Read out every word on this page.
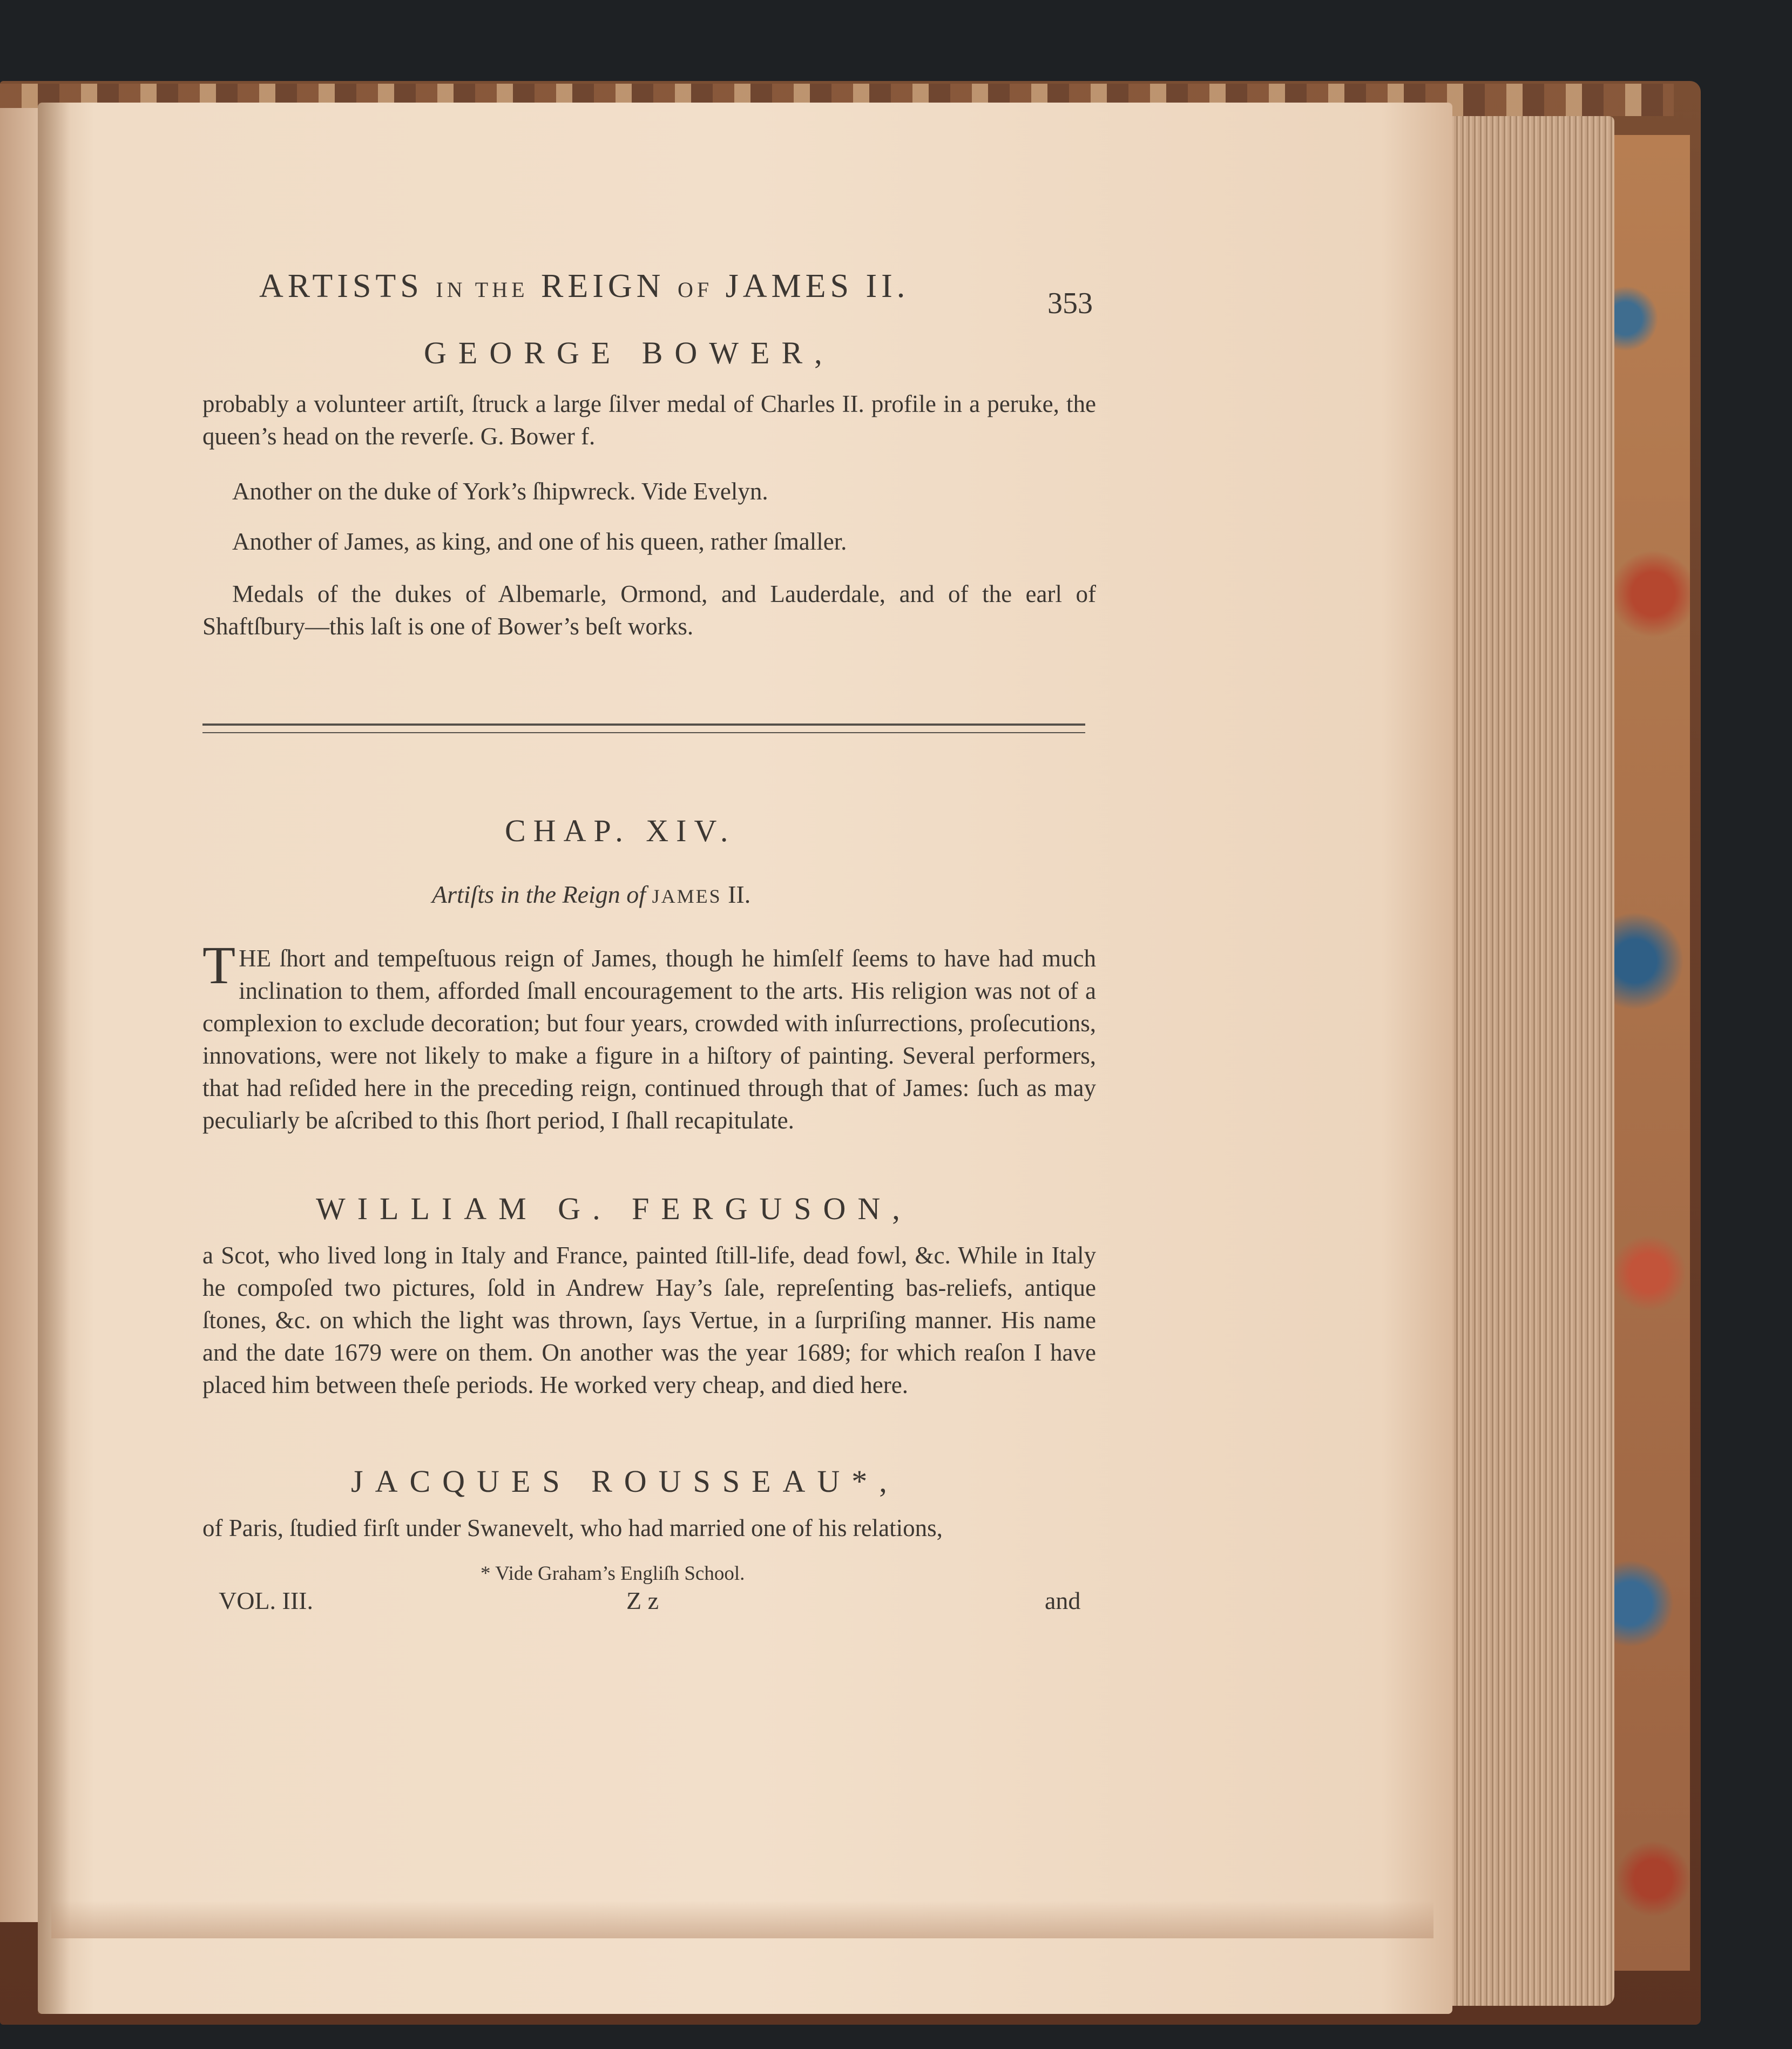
ARTISTS IN THE REIGN OF JAMES II.	353
GEORGE BOWER,
probably a volunteer artiſt, ſtruck a large ſilver medal of Charles II. profile in a peruke, the queen’s head on the reverſe. G. Bower f.
Another on the duke of York’s ſhipwreck. Vide Evelyn.
Another of James, as king, and one of his queen, rather ſmaller.
Medals of the dukes of Albemarle, Ormond, and Lauderdale, and of the earl of Shaftſbury—this laſt is one of Bower’s beſt works.
CHAP. XIV.
Artiſts in the Reign of JAMES II.
THE ſhort and tempeſtuous reign of James, though he himſelf ſeems to have had much inclination to them, afforded ſmall encouragement to the arts. His religion was not of a complexion to exclude decoration; but four years, crowded with inſurrections, proſecutions, innovations, were not likely to make a figure in a hiſtory of painting. Several performers, that had reſided here in the preceding reign, continued through that of James: ſuch as may peculiarly be aſcribed to this ſhort period, I ſhall recapitulate.
WILLIAM G. FERGUSON,
a Scot, who lived long in Italy and France, painted ſtill-life, dead fowl, &c. While in Italy he compoſed two pictures, ſold in Andrew Hay’s ſale, repreſenting bas-reliefs, antique ſtones, &c. on which the light was thrown, ſays Vertue, in a ſurpriſing manner. His name and the date 1679 were on them. On another was the year 1689; for which reaſon I have placed him between theſe periods. He worked very cheap, and died here.
JACQUES ROUSSEAU*,
of Paris, ſtudied firſt under Swanevelt, who had married one of his relations,
* Vide Graham’s Engliſh School.
VOL. III.	Z z	and
